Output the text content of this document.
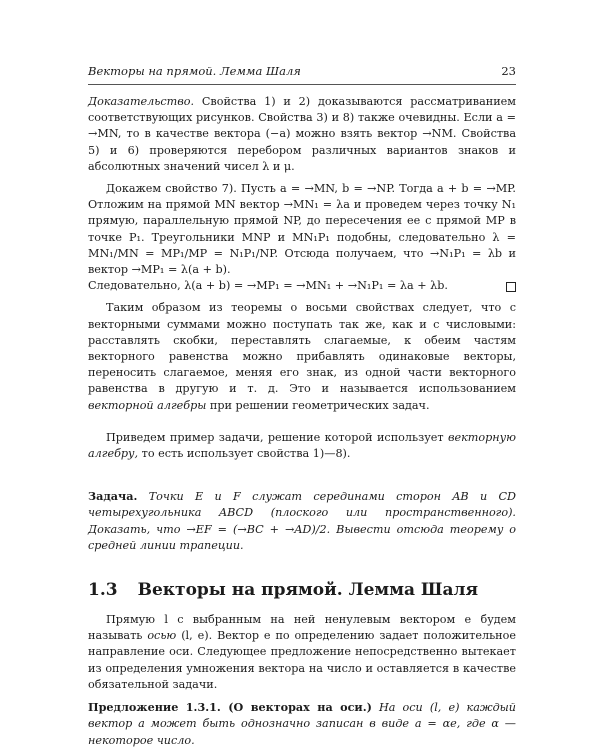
Векторы на прямой. Лемма Шаля	23

Доказательство. Свойства 1) и 2) доказываются рассматриванием соответствующих рисунков. Свойства 3) и 8) также очевидны. Если a = →MN, то в качестве вектора (−a) можно взять вектор →NM. Свойства 5) и 6) проверяются перебором различных вариантов знаков и абсолютных значений чисел λ и μ.

Докажем свойство 7). Пусть a = →MN, b = →NP. Тогда a + b = →MP. Отложим на прямой MN вектор →MN₁ = λa и проведем через точку N₁ прямую, параллельную прямой NP, до пересечения ее с прямой MP в точке P₁. Треугольники MNP и MN₁P₁ подобны, следовательно λ = MN₁/MN = MP₁/MP = N₁P₁/NP. Отсюда получаем, что →N₁P₁ = λb и вектор →MP₁ = λ(a + b).

Следовательно, λ(a + b) = →MP₁ = →MN₁ + →N₁P₁ = λa + λb.

Таким образом из теоремы о восьми свойствах следует, что с векторными суммами можно поступать так же, как и с числовыми: расставлять скобки, переставлять слагаемые, к обеим частям векторного равенства можно прибавлять одинаковые векторы, переносить слагаемое, меняя его знак, из одной части векторного равенства в другую и т. д. Это и называется использованием векторной алгебры при решении геометрических задач.

Приведем пример задачи, решение которой использует векторную алгебру, то есть использует свойства 1)—8).

Задача. Точки E и F служат серединами сторон AB и CD четырехугольника ABCD (плоского или пространственного). Доказать, что →EF = (→BC + →AD)/2. Вывести отсюда теорему о средней линии трапеции.

1.3 Векторы на прямой. Лемма Шаля

Прямую l с выбранным на ней ненулевым вектором e будем называть осью (l, e). Вектор e по определению задает положительное направление оси. Следующее предложение непосредственно вытекает из определения умножения вектора на число и оставляется в качестве обязательной задачи.

Предложение 1.3.1. (О векторах на оси.) На оси (l, e) каждый вектор a может быть однозначно записан в виде a = αe, где α — некоторое число.
